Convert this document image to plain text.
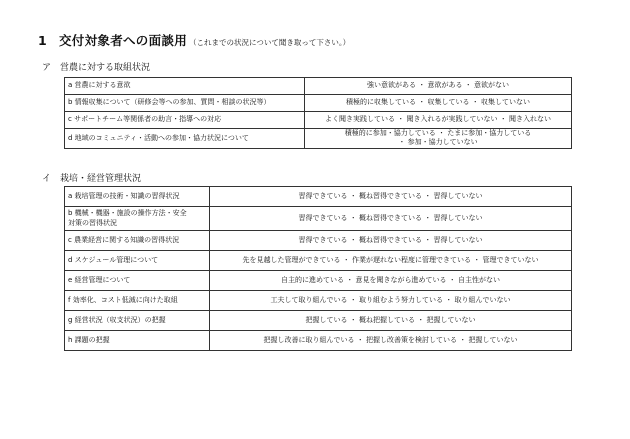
1 交付対象者への面談用 （これまでの状況について聞き取って下さい。）
ア 営農に対する取組状況
a 営農に対する意欲	強い意欲がある ・ 意欲がある ・ 意欲がない
b 情報収集について（研修会等への参加、質問・相談の状況等）	積極的に収集している ・ 収集している ・ 収集していない
c サポートチーム等関係者の助言・指導への対応	よく聞き実践している ・ 聞き入れるが実践していない ・ 聞き入れない
d 地域のコミュニティ・活動への参加・協力状況について	積極的に参加・協力している ・ たまに参加・協力している
・ 参加・協力していない
イ 栽培・経営管理状況
a 栽培管理の技術・知識の習得状況	習得できている ・ 概ね習得できている ・ 習得していない
b 機械・機器・施設の操作方法・安全
対策の習得状況	習得できている ・ 概ね習得できている ・ 習得していない
c 農業経営に関する知識の習得状況	習得できている ・ 概ね習得できている ・ 習得していない
d スケジュール管理について	先を見越した管理ができている ・ 作業が遅れない程度に管理できている ・ 管理できていない
e 経営管理について	自主的に進めている ・ 意見を聞きながら進めている ・ 自主性がない
f 効率化、コスト低減に向けた取組	工夫して取り組んでいる ・ 取り組むよう努力している ・ 取り組んでいない
g 経営状況（収支状況）の把握	把握している ・ 概ね把握している ・ 把握していない
h 課題の把握	把握し改善に取り組んでいる ・ 把握し改善策を検討している ・ 把握していない
